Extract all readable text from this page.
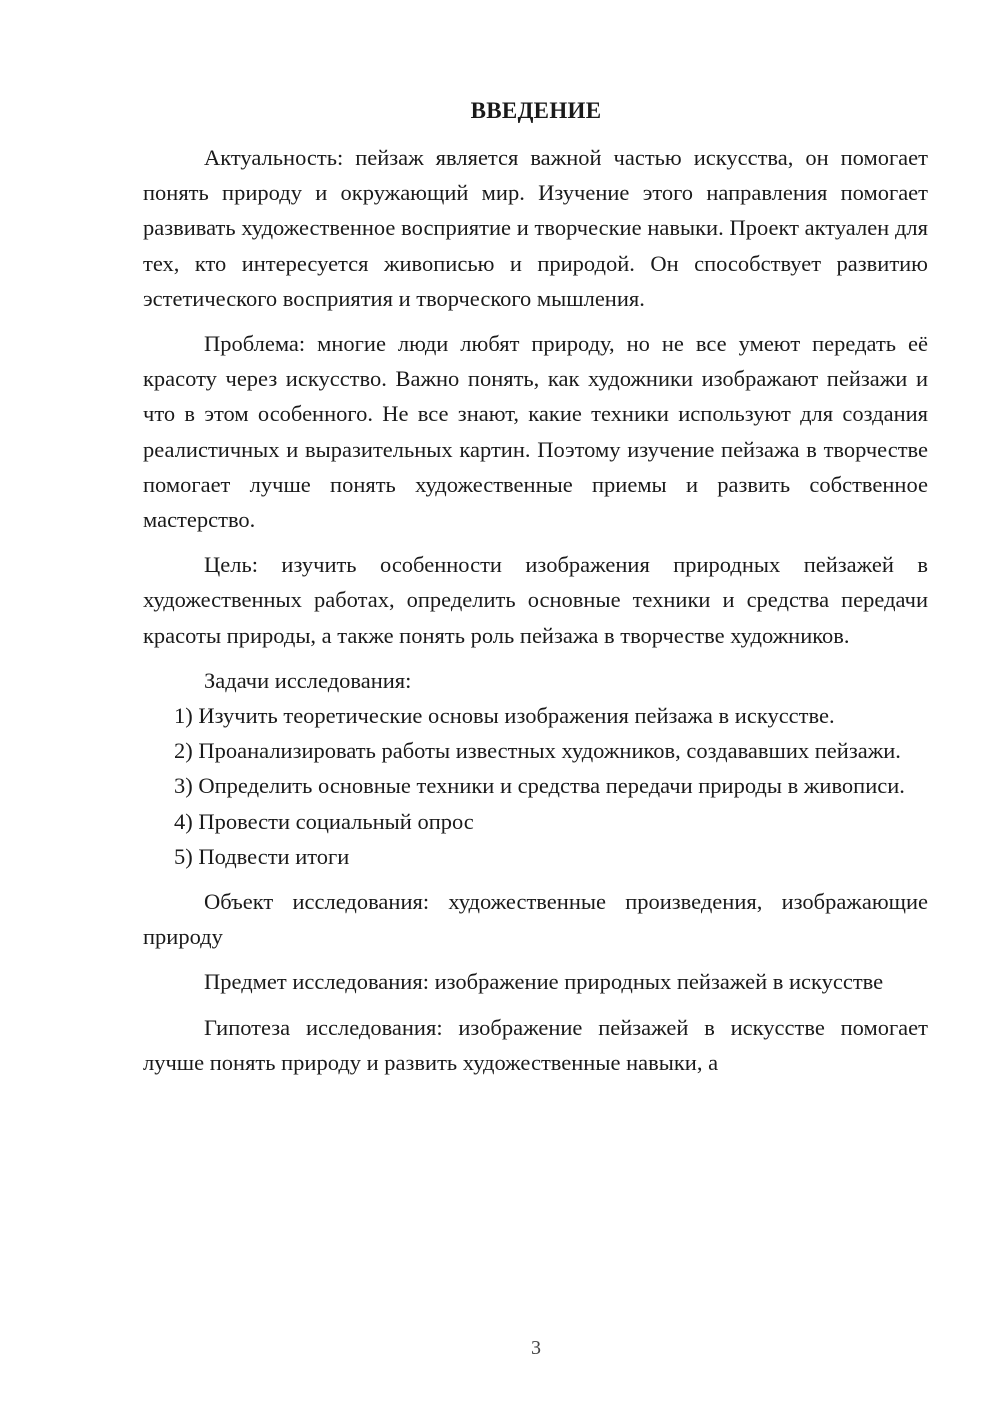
ВВЕДЕНИЕ

Актуальность: пейзаж является важной частью искусства, он помогает понять природу и окружающий мир. Изучение этого направления помогает развивать художественное восприятие и творческие навыки. Проект актуален для тех, кто интересуется живописью и природой. Он способствует развитию эстетического восприятия и творческого мышления.

Проблема: многие люди любят природу, но не все умеют передать её красоту через искусство. Важно понять, как художники изображают пейзажи и что в этом особенного. Не все знают, какие техники используют для создания реалистичных и выразительных картин. Поэтому изучение пейзажа в творчестве помогает лучше понять художественные приемы и развить собственное мастерство.

Цель: изучить особенности изображения природных пейзажей в художественных работах, определить основные техники и средства передачи красоты природы, а также понять роль пейзажа в творчестве художников.

Задачи исследования:

1) Изучить теоретические основы изображения пейзажа в искусстве.

2) Проанализировать работы известных художников, создававших пейзажи.

3) Определить основные техники и средства передачи природы в живописи.

4) Провести социальный опрос

5) Подвести итоги

Объект исследования: художественные произведения, изображающие природу

Предмет исследования: изображение природных пейзажей в искусстве

Гипотеза исследования: изображение пейзажей в искусстве помогает лучше понять природу и развить художественные навыки, а

3
